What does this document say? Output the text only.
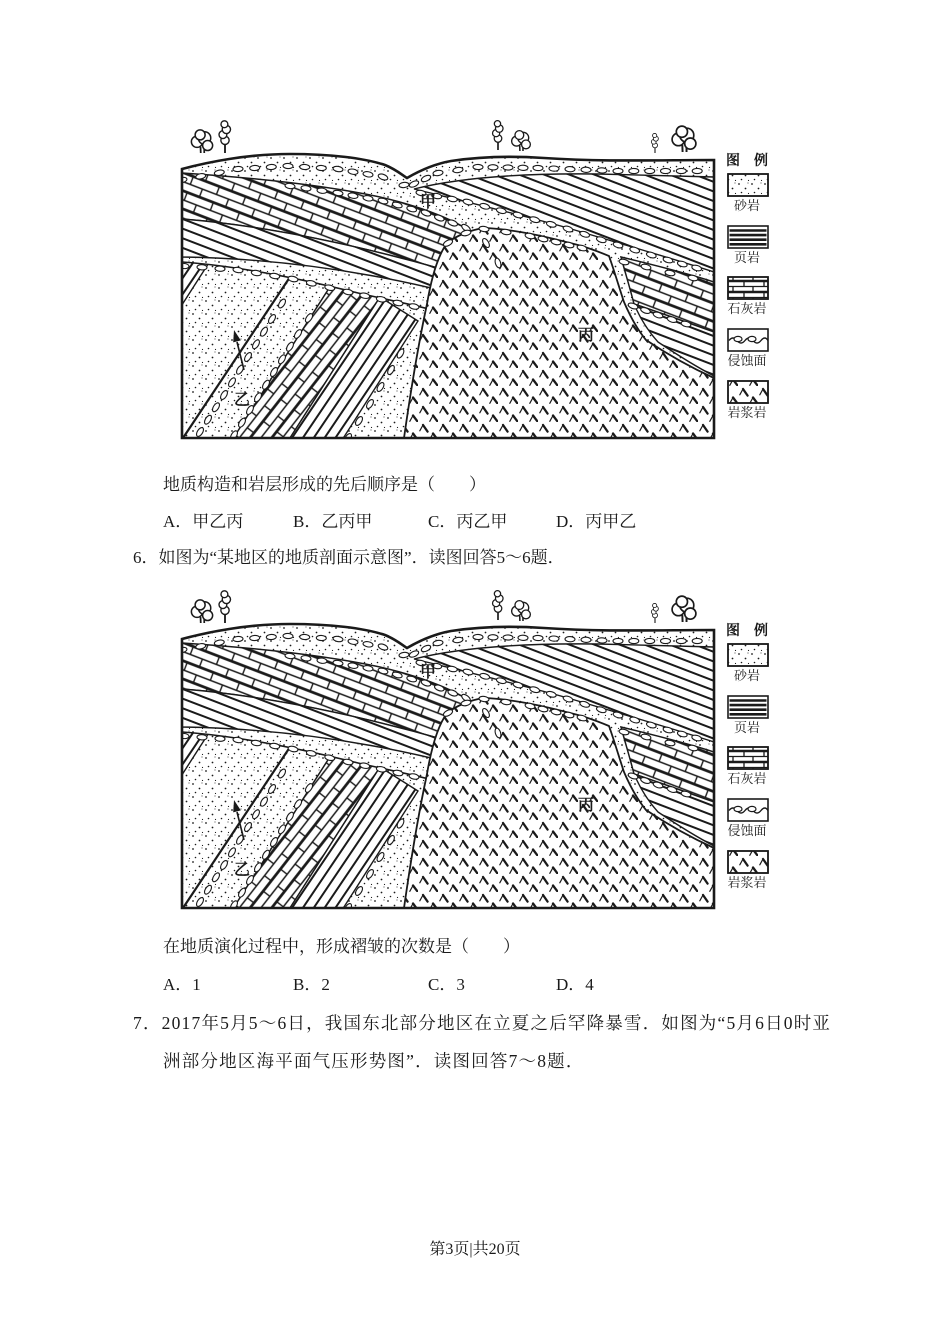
甲
乙
丙
图　例
砂岩
页岩
石灰岩
侵蚀面
岩浆岩
地质构造和岩层形成的先后顺序是（　　）
A．甲乙丙	B．乙丙甲	C．丙乙甲	D．丙甲乙
6．如图为“某地区的地质剖面示意图”．读图回答5～6题．
甲
乙
丙
图　例
砂岩
页岩
石灰岩
侵蚀面
岩浆岩
在地质演化过程中，形成褶皱的次数是（　　）
A．1	B．2	C．3	D．4
7．2017年5月5～6日，我国东北部分地区在立夏之后罕降暴雪．如图为“5月6日0时亚
洲部分地区海平面气压形势图”．读图回答7～8题．
第3页|共20页
